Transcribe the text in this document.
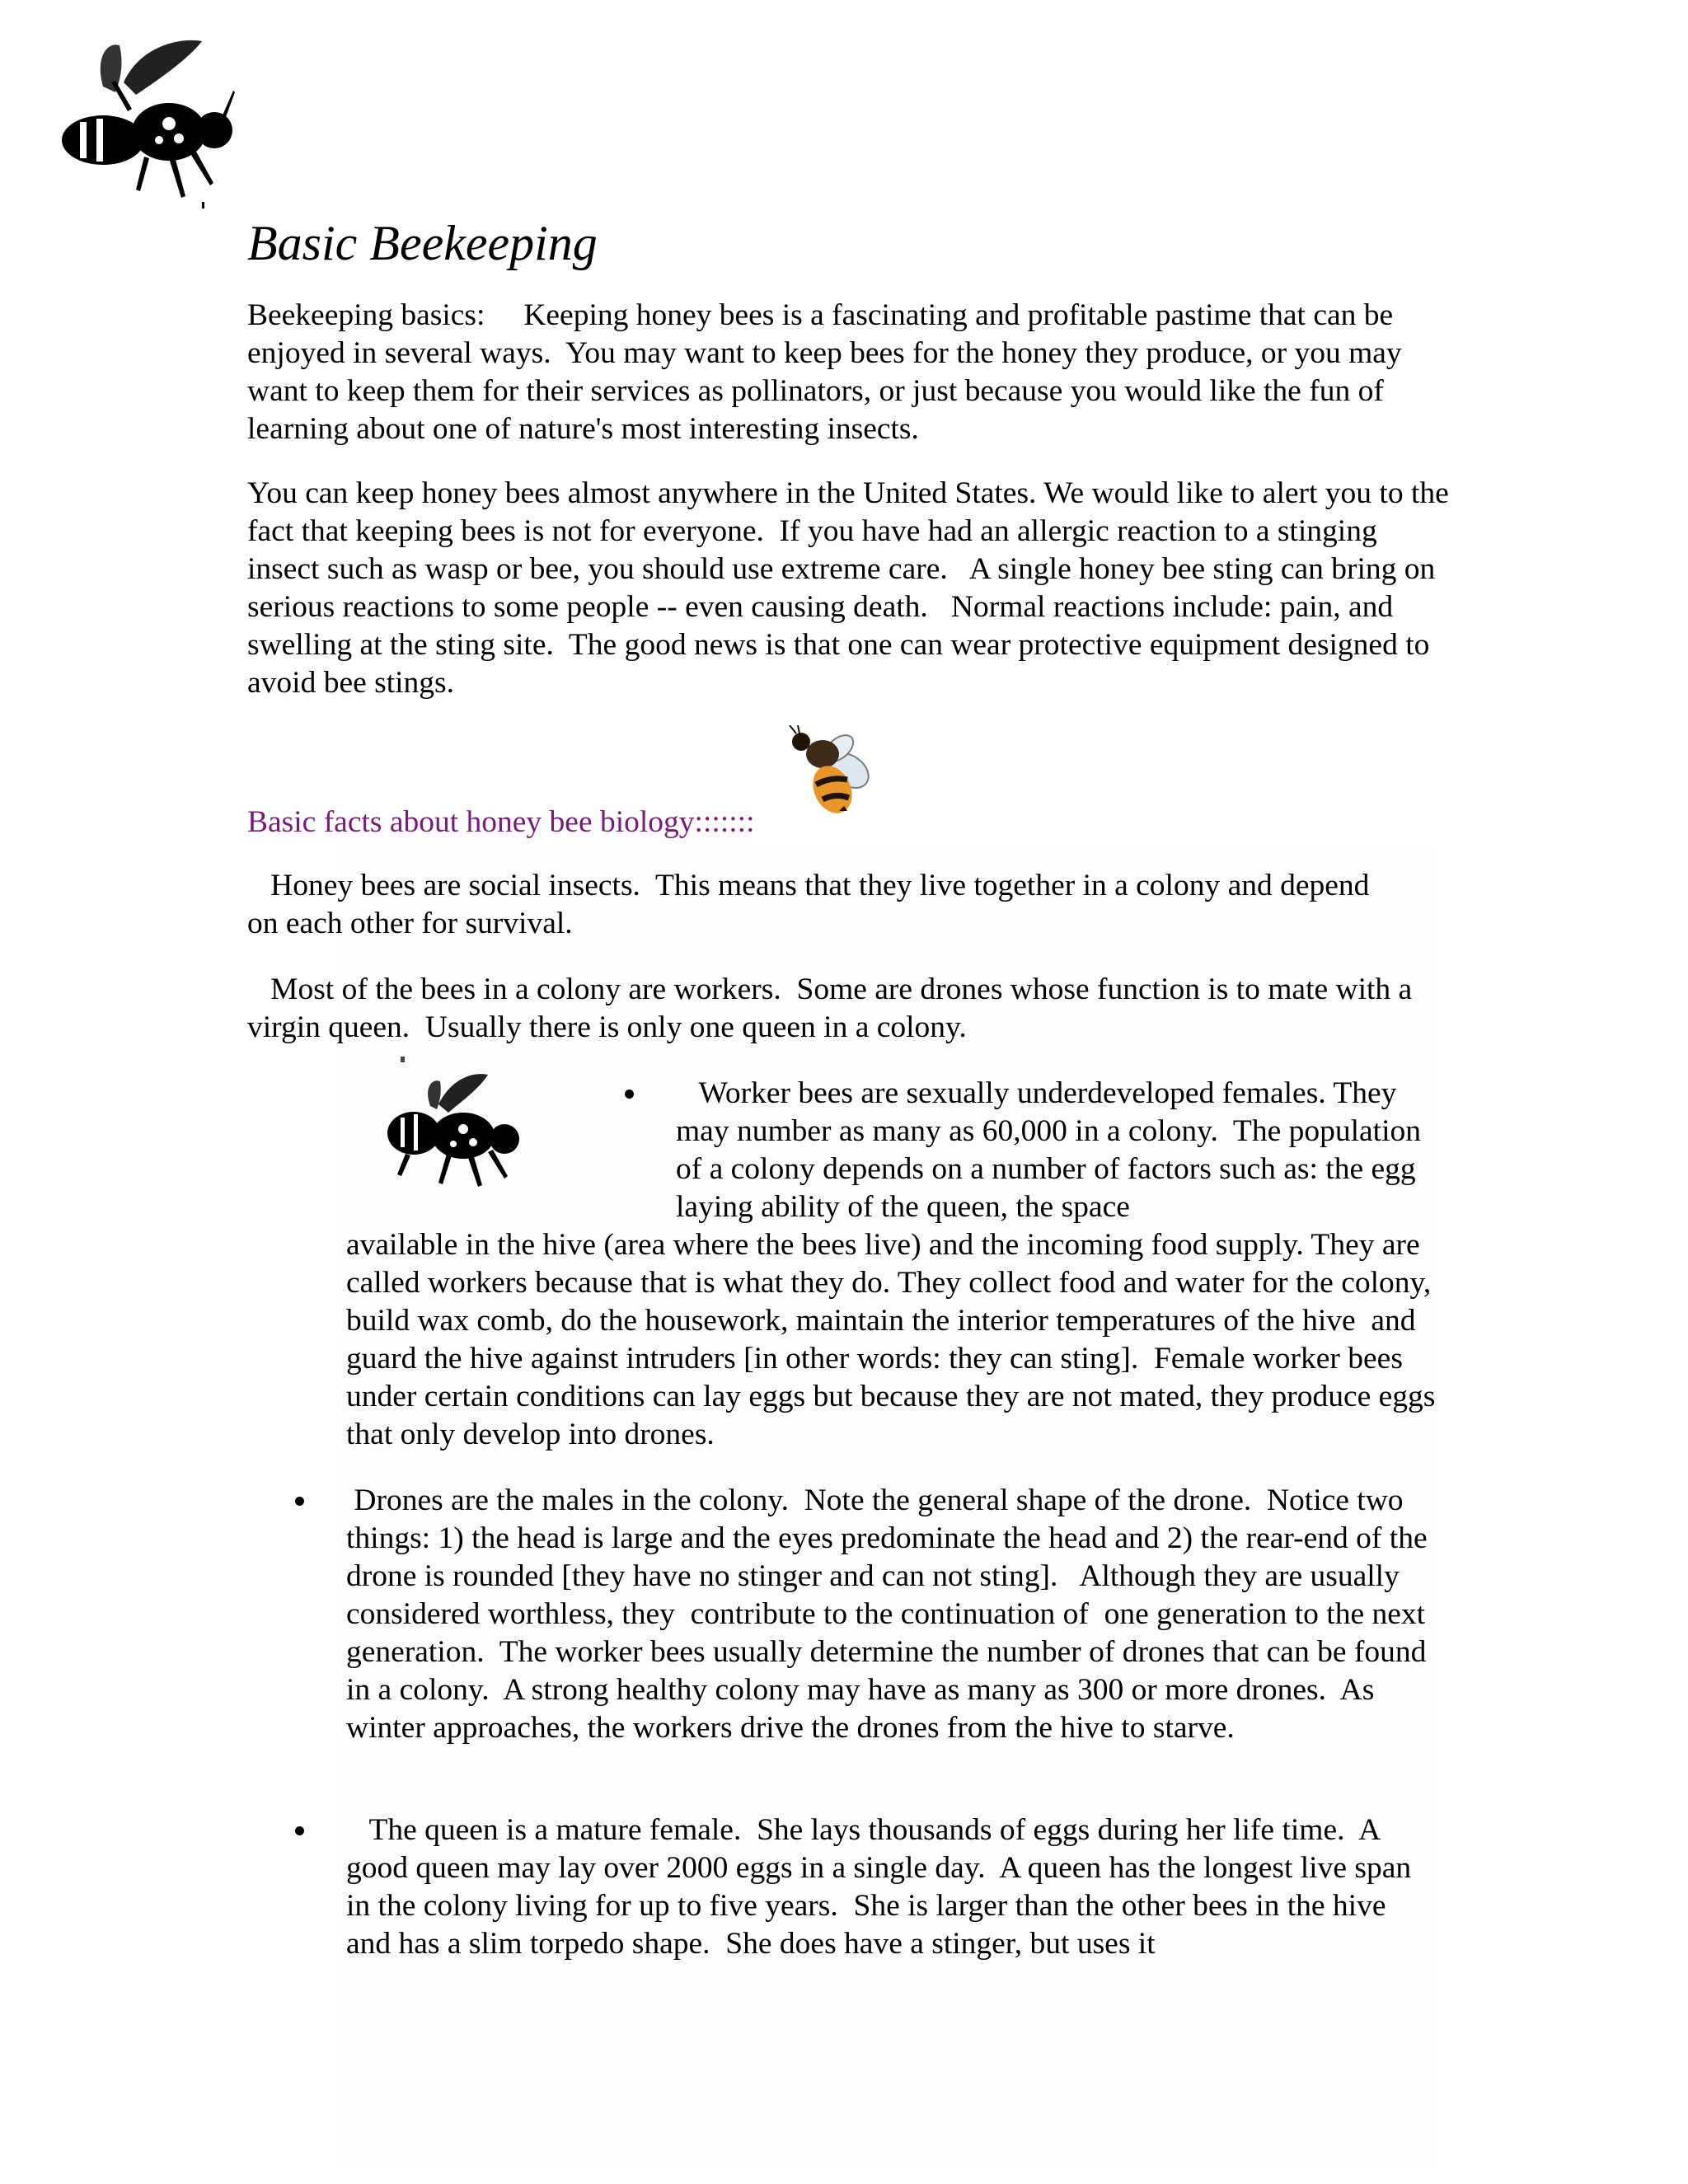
Basic Beekeeping

Beekeeping basics:     Keeping honey bees is a fascinating and profitable pastime that can be enjoyed in several ways.  You may want to keep bees for the honey they produce, or you may want to keep them for their services as pollinators, or just because you would like the fun of learning about one of nature's most interesting insects.

You can keep honey bees almost anywhere in the United States. We would like to alert you to the fact that keeping bees is not for everyone.  If you have had an allergic reaction to a stinging insect such as wasp or bee, you should use extreme care.   A single honey bee sting can bring on serious reactions to some people -- even causing death.   Normal reactions include: pain, and swelling at the sting site.  The good news is that one can wear protective equipment designed to avoid bee stings.

Basic facts about honey bee biology:::::::

Honey bees are social insects.  This means that they live together in a colony and depend on each other for survival.

Most of the bees in a colony are workers.  Some are drones whose function is to mate with a virgin queen.  Usually there is only one queen in a colony.

Worker bees are sexually underdeveloped females. They may number as many as 60,000 in a colony.  The population of a colony depends on a number of factors such as: the egg laying ability of the queen, the space

available in the hive (area where the bees live) and the incoming food supply. They are called workers because that is what they do. They collect food and water for the colony, build wax comb, do the housework, maintain the interior temperatures of the hive  and guard the hive against intruders [in other words: they can sting].  Female worker bees under certain conditions can lay eggs but because they are not mated, they produce eggs that only develop into drones.

Drones are the males in the colony.  Note the general shape of the drone.  Notice two things: 1) the head is large and the eyes predominate the head and 2) the rear-end of the drone is rounded [they have no stinger and can not sting].   Although they are usually considered worthless, they  contribute to the continuation of  one generation to the next generation.  The worker bees usually determine the number of drones that can be found in a colony.  A strong healthy colony may have as many as 300 or more drones.  As winter approaches, the workers drive the drones from the hive to starve.

The queen is a mature female.  She lays thousands of eggs during her life time.  A good queen may lay over 2000 eggs in a single day.  A queen has the longest live span in the colony living for up to five years.  She is larger than the other bees in the hive and has a slim torpedo shape.  She does have a stinger, but uses it
